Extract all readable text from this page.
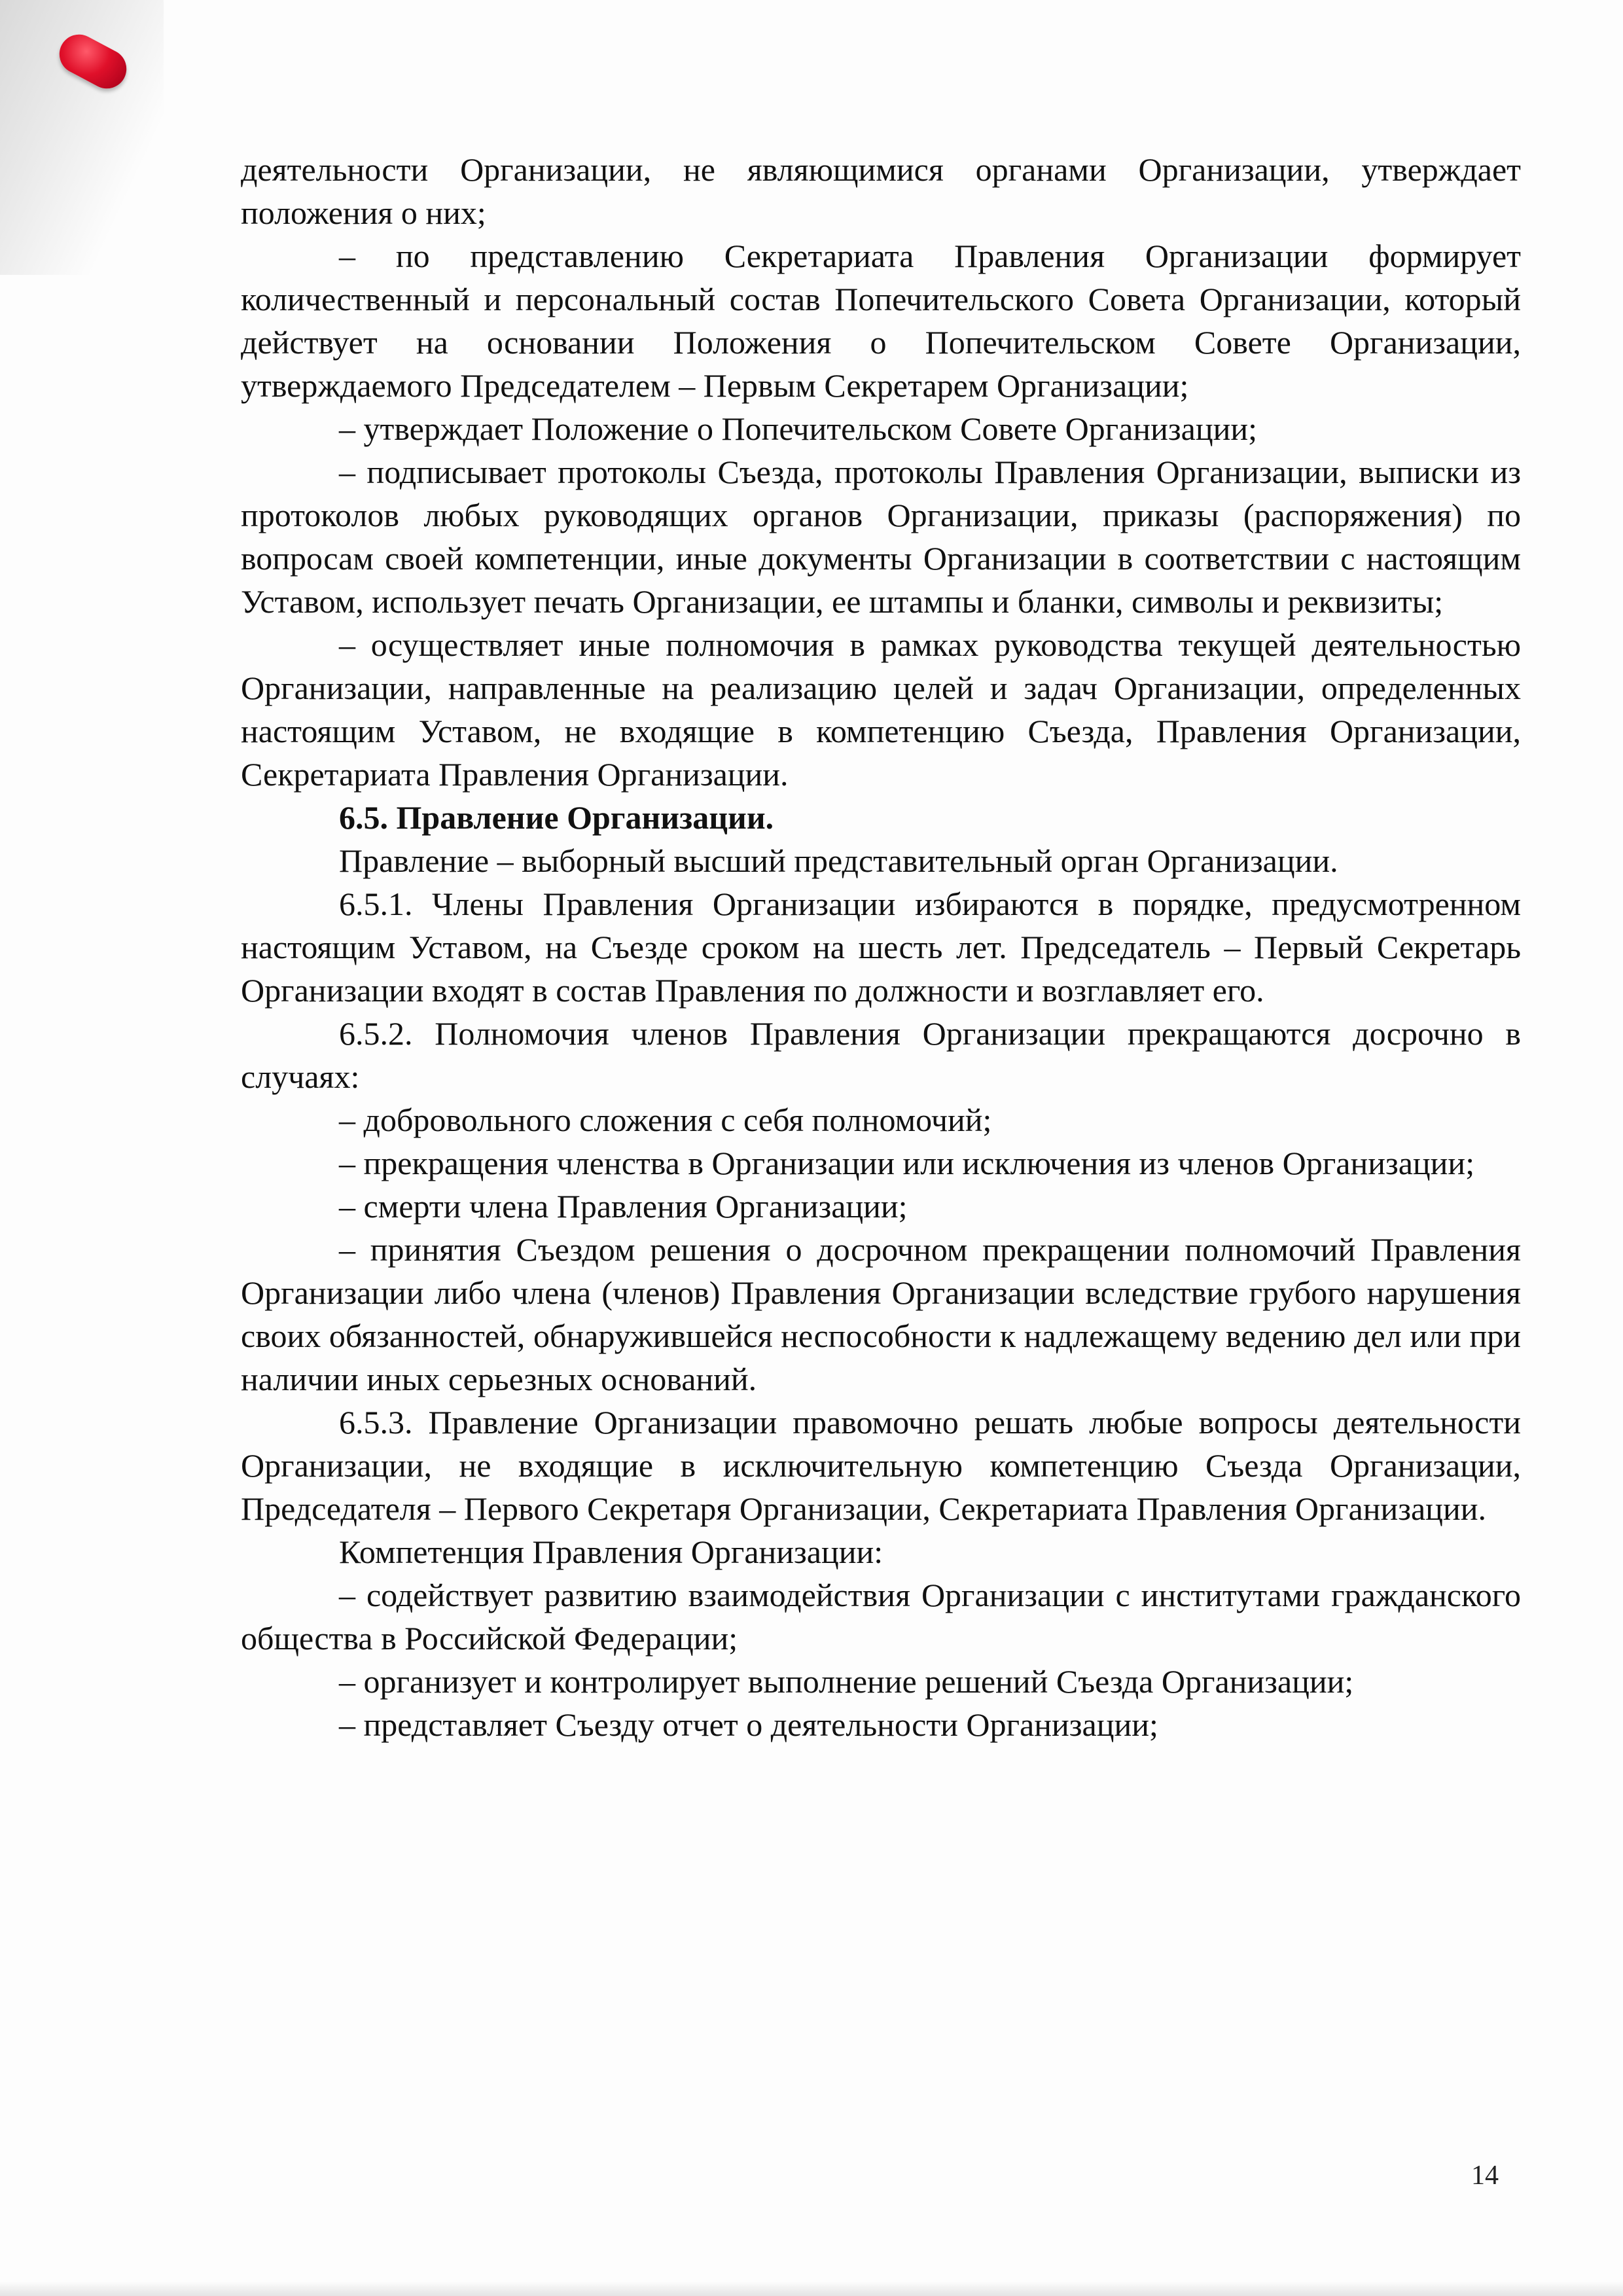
деятельности Организации, не являющимися органами Организации, утверждает положения о них;

– по представлению Секретариата Правления Организации формирует количественный и персональный состав Попечительского Совета Организации, который действует на основании Положения о Попечительском Совете Организации, утверждаемого Председателем – Первым Секретарем Организации;

– утверждает Положение о Попечительском Совете Организации;

– подписывает протоколы Съезда, протоколы Правления Организации, выписки из протоколов любых руководящих органов Организации, приказы (распоряжения) по вопросам своей компетенции, иные документы Организации в соответствии с настоящим Уставом, использует печать Организации, ее штампы и бланки, символы и реквизиты;

– осуществляет иные полномочия в рамках руководства текущей деятельностью Организации, направленные на реализацию целей и задач Организации, определенных настоящим Уставом, не входящие в компетенцию Съезда, Правления Организации, Секретариата Правления Организации.

6.5. Правление Организации.

Правление – выборный высший представительный орган Организации.

6.5.1. Члены Правления Организации избираются в порядке, предусмотренном настоящим Уставом, на Съезде сроком на шесть лет. Председатель – Первый Секретарь Организации входят в состав Правления по должности и возглавляет его.

6.5.2. Полномочия членов Правления Организации прекращаются досрочно в случаях:

– добровольного сложения с себя полномочий;

– прекращения членства в Организации или исключения из членов Организации;

– смерти члена Правления Организации;

– принятия Съездом решения о досрочном прекращении полномочий Правления Организации либо члена (членов) Правления Организации вследствие грубого нарушения своих обязанностей, обнаружившейся неспособности к надлежащему ведению дел или при наличии иных серьезных оснований.

6.5.3. Правление Организации правомочно решать любые вопросы деятельности Организации, не входящие в исключительную компетенцию Съезда Организации, Председателя – Первого Секретаря Организации, Секретариата Правления Организации.

Компетенция Правления Организации:

– содействует развитию взаимодействия Организации с институтами гражданского общества в Российской Федерации;

– организует и контролирует выполнение решений Съезда Организации;

– представляет Съезду отчет о деятельности Организации;

14
